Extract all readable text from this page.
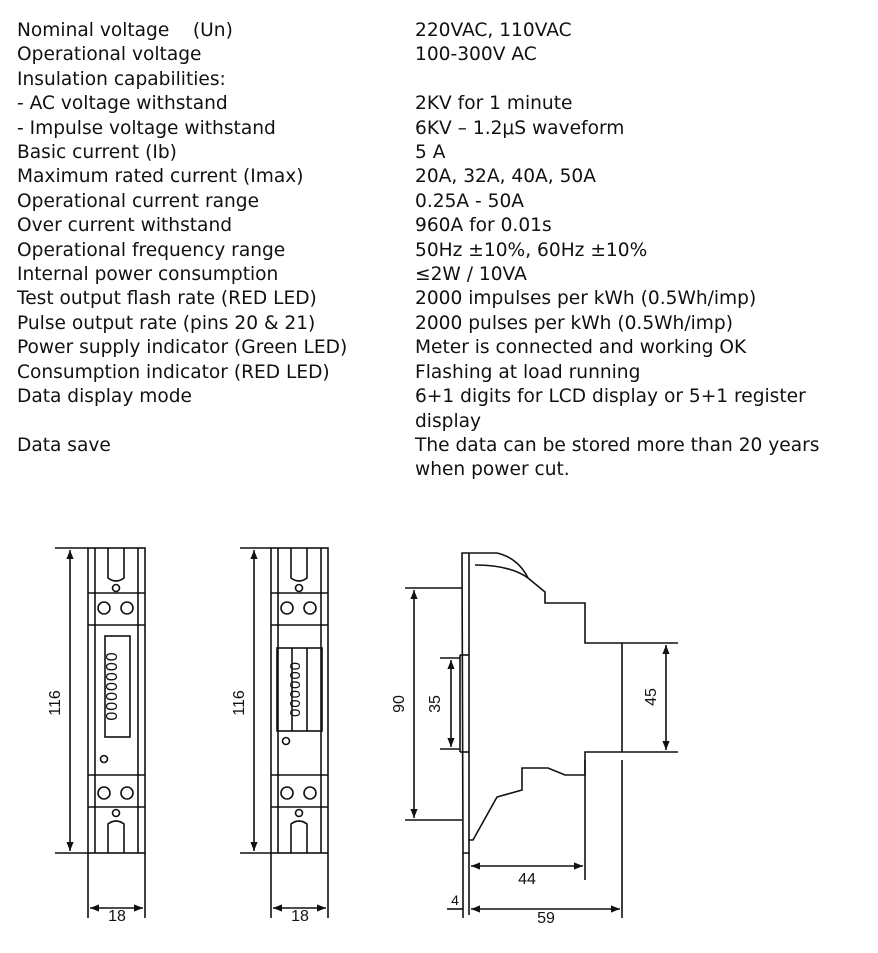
Nominal voltage    (Un)	220VAC, 110VAC
Operational voltage	100-300V AC
Insulation capabilities:

- AC voltage withstand	2KV for 1 minute
- Impulse voltage withstand	6KV – 1.2μS waveform
Basic current (Ib)	5 A
Maximum rated current (Imax)	20A, 32A, 40A, 50A
Operational current range	0.25A - 50A
Over current withstand	960A for 0.01s
Operational frequency range	50Hz ±10%, 60Hz ±10%
Internal power consumption	≤2W / 10VA
Test output flash rate (RED LED)	2000 impulses per kWh (0.5Wh/imp)
Pulse output rate (pins 20 & 21)	2000 pulses per kWh (0.5Wh/imp)
Power supply indicator (Green LED)	Meter is connected and working OK
Consumption indicator (RED LED)	Flashing at load running
Data display mode	6+1 digits for LCD display or 5+1 register
display
Data save	The data can be stored more than 20 years
when power cut.
116
18
0000000	116
18
000000	90 35	45
44
59
4
